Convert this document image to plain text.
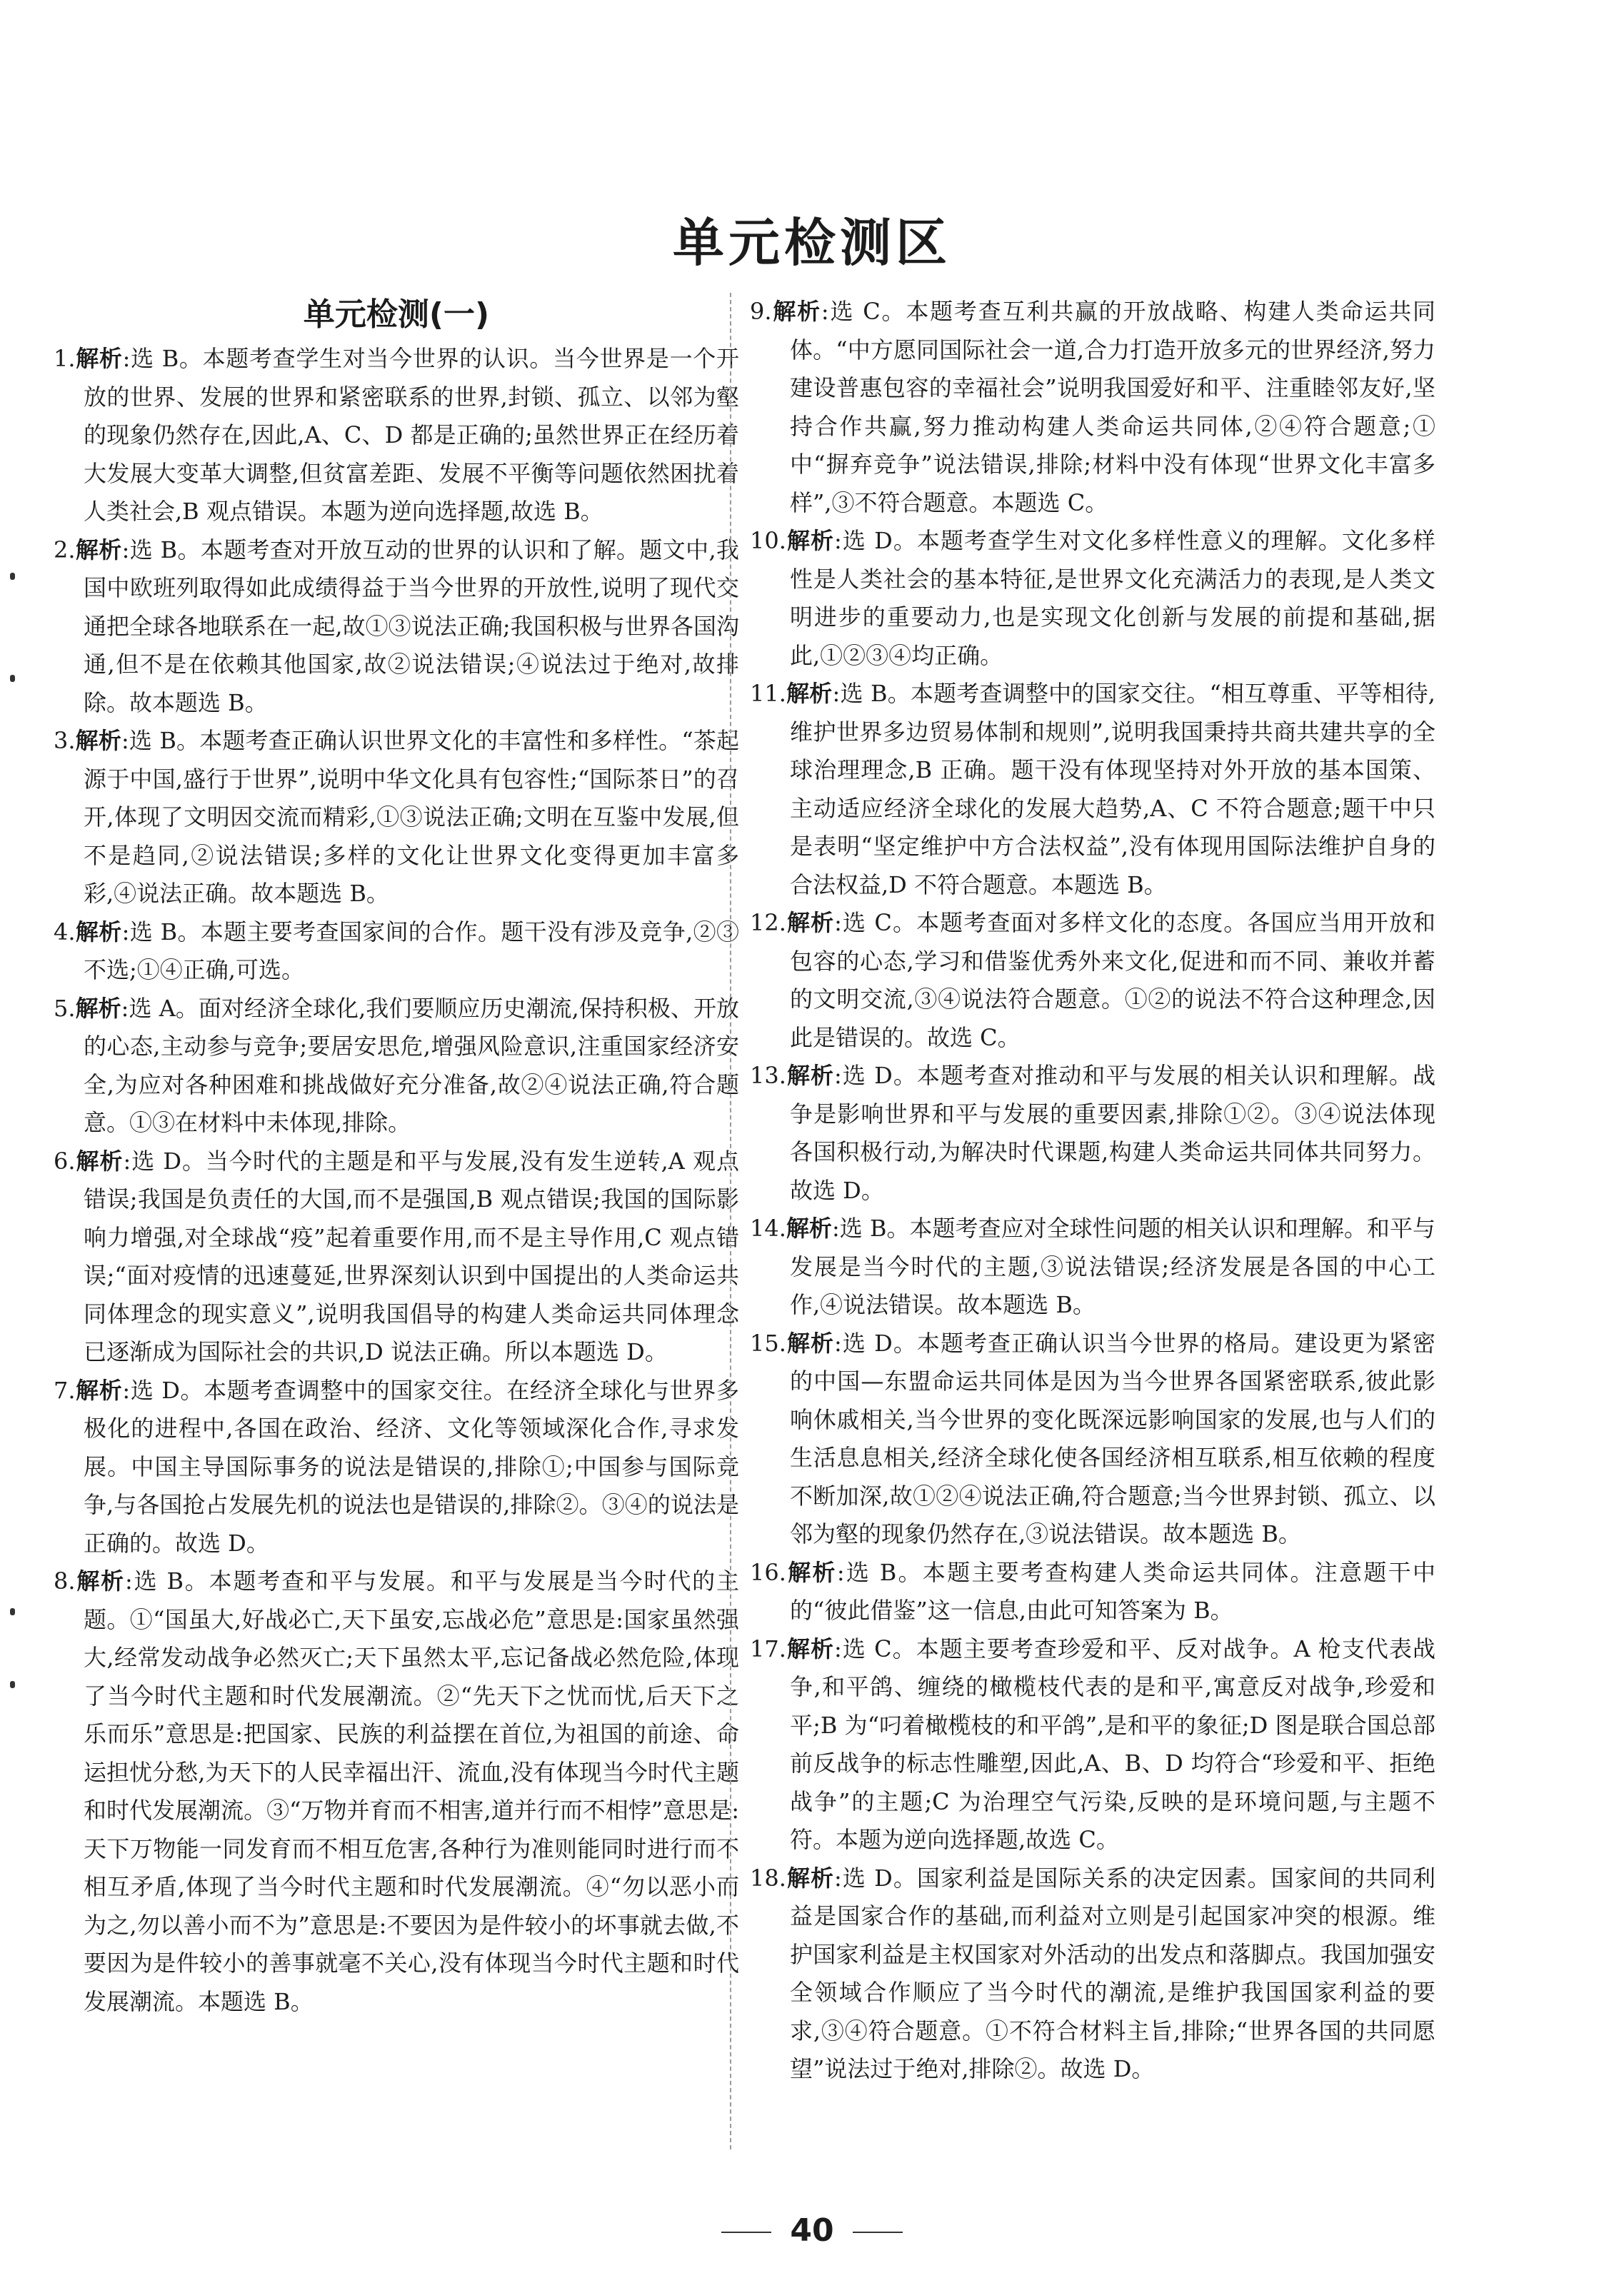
单元检测区
单元检测(一)
1.解析:选 B。本题考查学生对当今世界的认识。当今世界是一个开放的世界、发展的世界和紧密联系的世界,封锁、孤立、以邻为壑的现象仍然存在,因此,A、C、D 都是正确的;虽然世界正在经历着大发展大变革大调整,但贫富差距、发展不平衡等问题依然困扰着人类社会,B 观点错误。本题为逆向选择题,故选 B。
2.解析:选 B。本题考查对开放互动的世界的认识和了解。题文中,我国中欧班列取得如此成绩得益于当今世界的开放性,说明了现代交通把全球各地联系在一起,故①③说法正确;我国积极与世界各国沟通,但不是在依赖其他国家,故②说法错误;④说法过于绝对,故排除。故本题选 B。
3.解析:选 B。本题考查正确认识世界文化的丰富性和多样性。“茶起源于中国,盛行于世界”,说明中华文化具有包容性;“国际茶日”的召开,体现了文明因交流而精彩,①③说法正确;文明在互鉴中发展,但不是趋同,②说法错误;多样的文化让世界文化变得更加丰富多彩,④说法正确。故本题选 B。
4.解析:选 B。本题主要考查国家间的合作。题干没有涉及竞争,②③不选;①④正确,可选。
5.解析:选 A。面对经济全球化,我们要顺应历史潮流,保持积极、开放的心态,主动参与竞争;要居安思危,增强风险意识,注重国家经济安全,为应对各种困难和挑战做好充分准备,故②④说法正确,符合题意。①③在材料中未体现,排除。
6.解析:选 D。当今时代的主题是和平与发展,没有发生逆转,A 观点错误;我国是负责任的大国,而不是强国,B 观点错误;我国的国际影响力增强,对全球战“疫”起着重要作用,而不是主导作用,C 观点错误;“面对疫情的迅速蔓延,世界深刻认识到中国提出的人类命运共同体理念的现实意义”,说明我国倡导的构建人类命运共同体理念已逐渐成为国际社会的共识,D 说法正确。所以本题选 D。
7.解析:选 D。本题考查调整中的国家交往。在经济全球化与世界多极化的进程中,各国在政治、经济、文化等领域深化合作,寻求发展。中国主导国际事务的说法是错误的,排除①;中国参与国际竞争,与各国抢占发展先机的说法也是错误的,排除②。③④的说法是正确的。故选 D。
8.解析:选 B。本题考查和平与发展。和平与发展是当今时代的主题。①“国虽大,好战必亡,天下虽安,忘战必危”意思是:国家虽然强大,经常发动战争必然灭亡;天下虽然太平,忘记备战必然危险,体现了当今时代主题和时代发展潮流。②“先天下之忧而忧,后天下之乐而乐”意思是:把国家、民族的利益摆在首位,为祖国的前途、命运担忧分愁,为天下的人民幸福出汗、流血,没有体现当今时代主题和时代发展潮流。③“万物并育而不相害,道并行而不相悖”意思是:天下万物能一同发育而不相互危害,各种行为准则能同时进行而不相互矛盾,体现了当今时代主题和时代发展潮流。④“勿以恶小而为之,勿以善小而不为”意思是:不要因为是件较小的坏事就去做,不要因为是件较小的善事就毫不关心,没有体现当今时代主题和时代发展潮流。本题选 B。
9.解析:选 C。本题考查互利共赢的开放战略、构建人类命运共同体。“中方愿同国际社会一道,合力打造开放多元的世界经济,努力建设普惠包容的幸福社会”说明我国爱好和平、注重睦邻友好,坚持合作共赢,努力推动构建人类命运共同体,②④符合题意;①中“摒弃竞争”说法错误,排除;材料中没有体现“世界文化丰富多样”,③不符合题意。本题选 C。
10.解析:选 D。本题考查学生对文化多样性意义的理解。文化多样性是人类社会的基本特征,是世界文化充满活力的表现,是人类文明进步的重要动力,也是实现文化创新与发展的前提和基础,据此,①②③④均正确。
11.解析:选 B。本题考查调整中的国家交往。“相互尊重、平等相待,维护世界多边贸易体制和规则”,说明我国秉持共商共建共享的全球治理理念,B 正确。题干没有体现坚持对外开放的基本国策、主动适应经济全球化的发展大趋势,A、C 不符合题意;题干中只是表明“坚定维护中方合法权益”,没有体现用国际法维护自身的合法权益,D 不符合题意。本题选 B。
12.解析:选 C。本题考查面对多样文化的态度。各国应当用开放和包容的心态,学习和借鉴优秀外来文化,促进和而不同、兼收并蓄的文明交流,③④说法符合题意。①②的说法不符合这种理念,因此是错误的。故选 C。
13.解析:选 D。本题考查对推动和平与发展的相关认识和理解。战争是影响世界和平与发展的重要因素,排除①②。③④说法体现各国积极行动,为解决时代课题,构建人类命运共同体共同努力。故选 D。
14.解析:选 B。本题考查应对全球性问题的相关认识和理解。和平与发展是当今时代的主题,③说法错误;经济发展是各国的中心工作,④说法错误。故本题选 B。
15.解析:选 D。本题考查正确认识当今世界的格局。建设更为紧密的中国—东盟命运共同体是因为当今世界各国紧密联系,彼此影响休戚相关,当今世界的变化既深远影响国家的发展,也与人们的生活息息相关,经济全球化使各国经济相互联系,相互依赖的程度不断加深,故①②④说法正确,符合题意;当今世界封锁、孤立、以邻为壑的现象仍然存在,③说法错误。故本题选 B。
16.解析:选 B。本题主要考查构建人类命运共同体。注意题干中的“彼此借鉴”这一信息,由此可知答案为 B。
17.解析:选 C。本题主要考查珍爱和平、反对战争。A 枪支代表战争,和平鸽、缠绕的橄榄枝代表的是和平,寓意反对战争,珍爱和平;B 为“叼着橄榄枝的和平鸽”,是和平的象征;D 图是联合国总部前反战争的标志性雕塑,因此,A、B、D 均符合“珍爱和平、拒绝战争”的主题;C 为治理空气污染,反映的是环境问题,与主题不符。本题为逆向选择题,故选 C。
18.解析:选 D。国家利益是国际关系的决定因素。国家间的共同利益是国家合作的基础,而利益对立则是引起国家冲突的根源。维护国家利益是主权国家对外活动的出发点和落脚点。我国加强安全领域合作顺应了当今时代的潮流,是维护我国国家利益的要求,③④符合题意。①不符合材料主旨,排除;“世界各国的共同愿望”说法过于绝对,排除②。故选 D。
40
